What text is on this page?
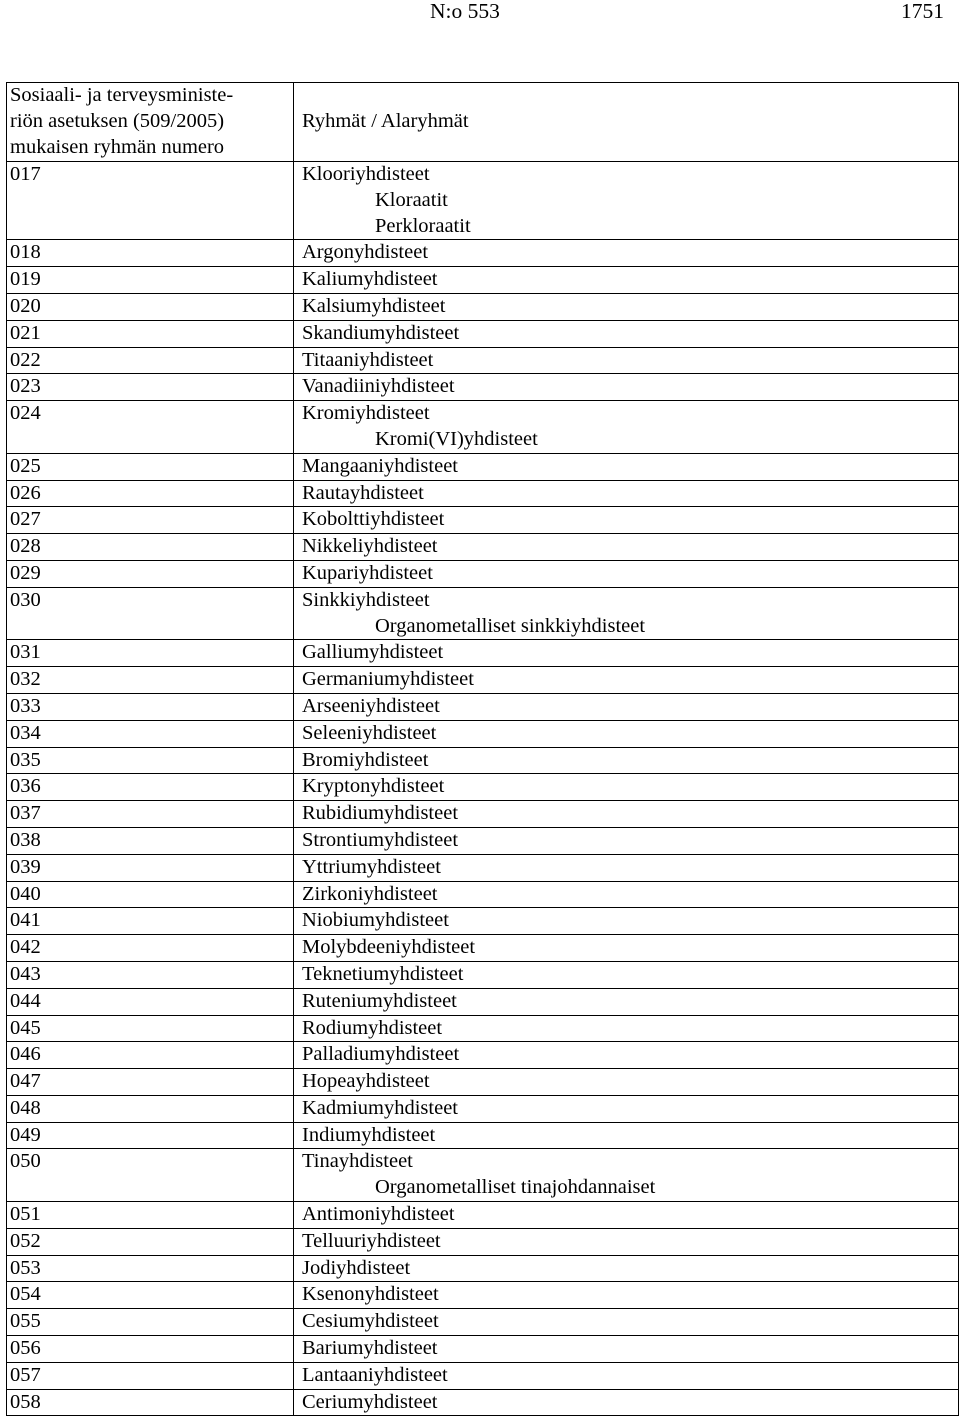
N:o 553	1751
Sosiaali- ja terveysministe-
riön asetuksen (509/2005)
mukaisen ryhmän numero	Ryhmät / Alaryhmät
017	Klooriyhdisteet
Kloraatit
Perkloraatit

018	Argonyhdisteet

019	Kaliumyhdisteet

020	Kalsiumyhdisteet

021	Skandiumyhdisteet

022	Titaaniyhdisteet

023	Vanadiiniyhdisteet

024	Kromiyhdisteet
Kromi(VI)yhdisteet

025	Mangaaniyhdisteet

026	Rautayhdisteet

027	Kobolttiyhdisteet

028	Nikkeliyhdisteet

029	Kupariyhdisteet

030	Sinkkiyhdisteet
Organometalliset sinkkiyhdisteet

031	Galliumyhdisteet

032	Germaniumyhdisteet

033	Arseeniyhdisteet

034	Seleeniyhdisteet

035	Bromiyhdisteet

036	Kryptonyhdisteet

037	Rubidiumyhdisteet

038	Strontiumyhdisteet

039	Yttriumyhdisteet

040	Zirkoniyhdisteet

041	Niobiumyhdisteet

042	Molybdeeniyhdisteet

043	Teknetiumyhdisteet

044	Ruteniumyhdisteet

045	Rodiumyhdisteet

046	Palladiumyhdisteet

047	Hopeayhdisteet

048	Kadmiumyhdisteet

049	Indiumyhdisteet

050	Tinayhdisteet
Organometalliset tinajohdannaiset

051	Antimoniyhdisteet

052	Telluuriyhdisteet

053	Jodiyhdisteet

054	Ksenonyhdisteet

055	Cesiumyhdisteet

056	Bariumyhdisteet

057	Lantaaniyhdisteet

058	Ceriumyhdisteet
